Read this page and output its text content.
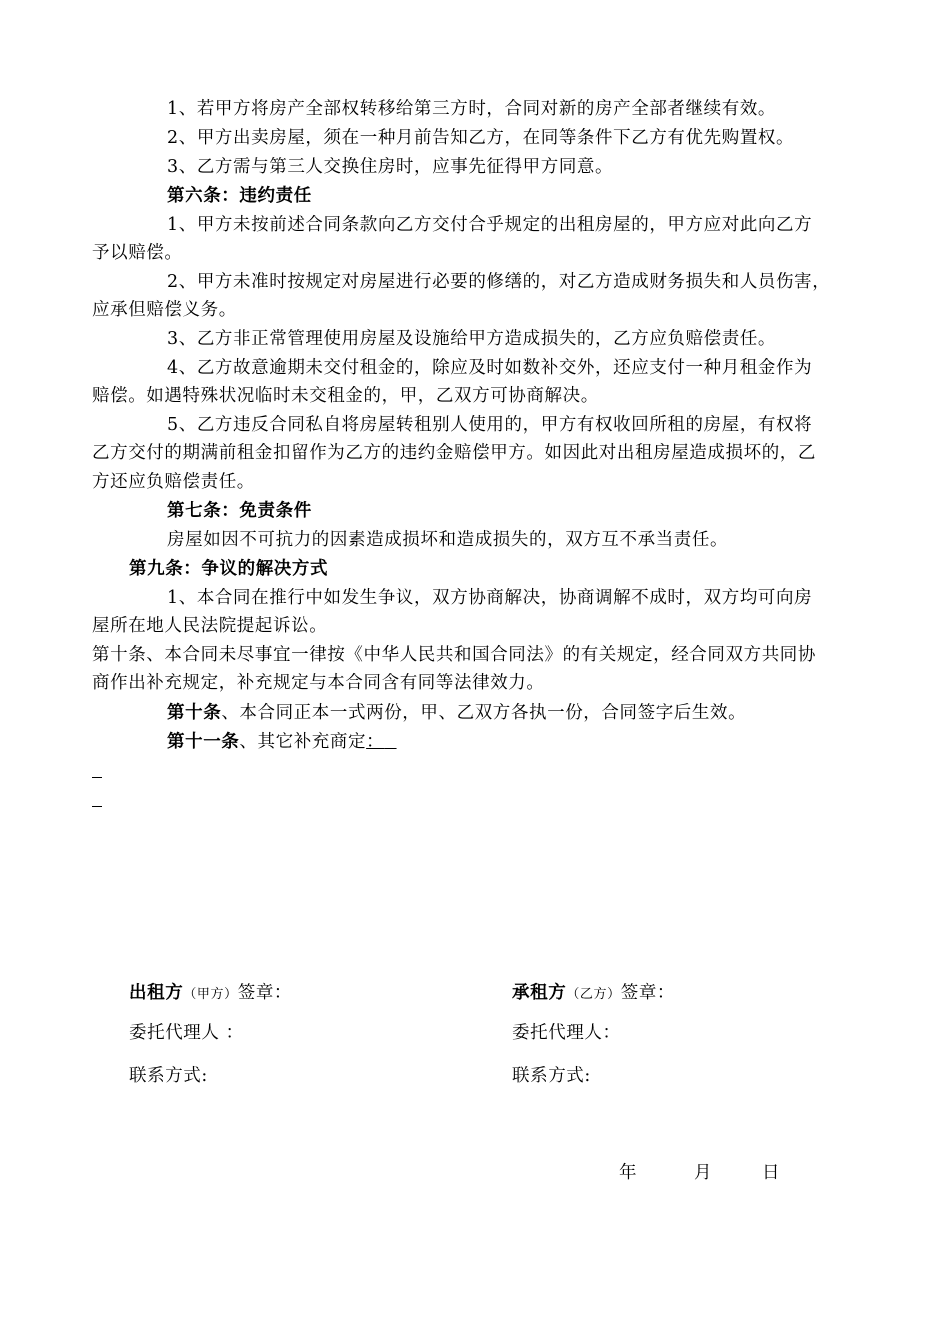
1、若甲方将房产全部权转移给第三方时，合同对新的房产全部者继续有效。
2、甲方出卖房屋，须在一种月前告知乙方，在同等条件下乙方有优先购置权。
3、乙方需与第三人交换住房时，应事先征得甲方同意。
第六条：违约责任
1、甲方未按前述合同条款向乙方交付合乎规定的出租房屋的，甲方应对此向乙方
予以赔偿。
2、甲方未准时按规定对房屋进行必要的修缮的，对乙方造成财务损失和人员伤害，
应承但赔偿义务。
3、乙方非正常管理使用房屋及设施给甲方造成损失的，乙方应负赔偿责任。
4、乙方故意逾期未交付租金的，除应及时如数补交外，还应支付一种月租金作为
赔偿。如遇特殊状况临时未交租金的，甲，乙双方可协商解决。
5、乙方违反合同私自将房屋转租别人使用的，甲方有权收回所租的房屋，有权将
乙方交付的期满前租金扣留作为乙方的违约金赔偿甲方。如因此对出租房屋造成损坏的，乙
方还应负赔偿责任。
第七条：免责条件
房屋如因不可抗力的因素造成损坏和造成损失的，双方互不承当责任。
第九条：争议的解决方式
1、本合同在推行中如发生争议，双方协商解决，协商调解不成时，双方均可向房
屋所在地人民法院提起诉讼。
第十条、本合同未尽事宜一律按《中华人民共和国合同法》的有关规定，经合同双方共同协
商作出补充规定，补充规定与本合同含有同等法律效力。
第十条、本合同正本一式两份，甲、乙双方各执一份，合同签字后生效。
第十一条、其它补充商定：
出租方（甲方）签章：	承租方（乙方）签章：
委托代理人 ：	委托代理人：
联系方式:	联系方式:
年	月	日
